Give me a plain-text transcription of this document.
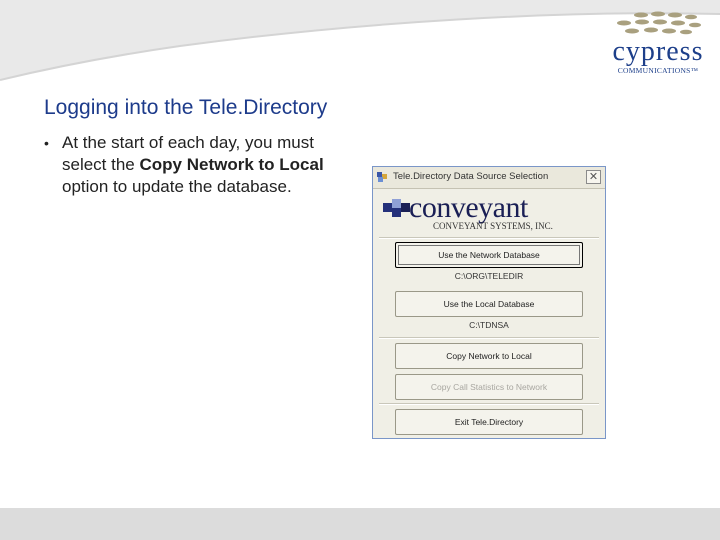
cypress
COMMUNICATIONS™
Logging into the Tele.Directory
• At the start of each day, you must select the Copy Network to Local option to update the database.
Tele.Directory Data Source Selection	✕
conveyant
CONVEYANT SYSTEMS, INC.
Use the Network Database
C:\ORG\TELEDIR
Use the Local Database
C:\TDNSA
Copy Network to Local
Copy Call Statistics to Network
Exit Tele.Directory
